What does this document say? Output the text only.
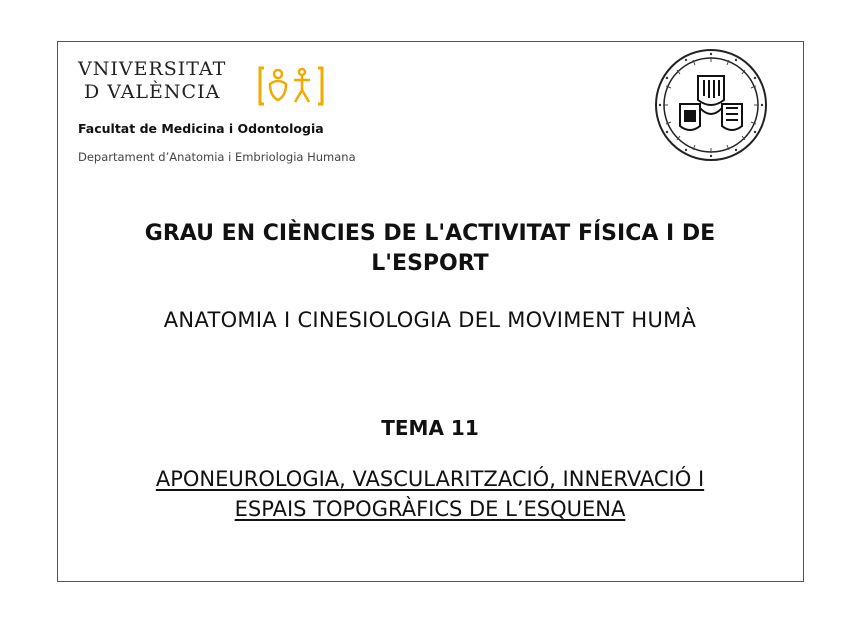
VNIVERSITAT
D VALÈNCIA
Facultat de Medicina i Odontologia
Departament d’Anatomia i Embriologia Humana
GRAU EN CIÈNCIES DE L'ACTIVITAT FÍSICA I DE
L'ESPORT
ANATOMIA I CINESIOLOGIA DEL MOVIMENT HUMÀ
TEMA 11
APONEUROLOGIA, VASCULARITZACIÓ, INNERVACIÓ I
ESPAIS TOPOGRÀFICS DE L’ESQUENA
